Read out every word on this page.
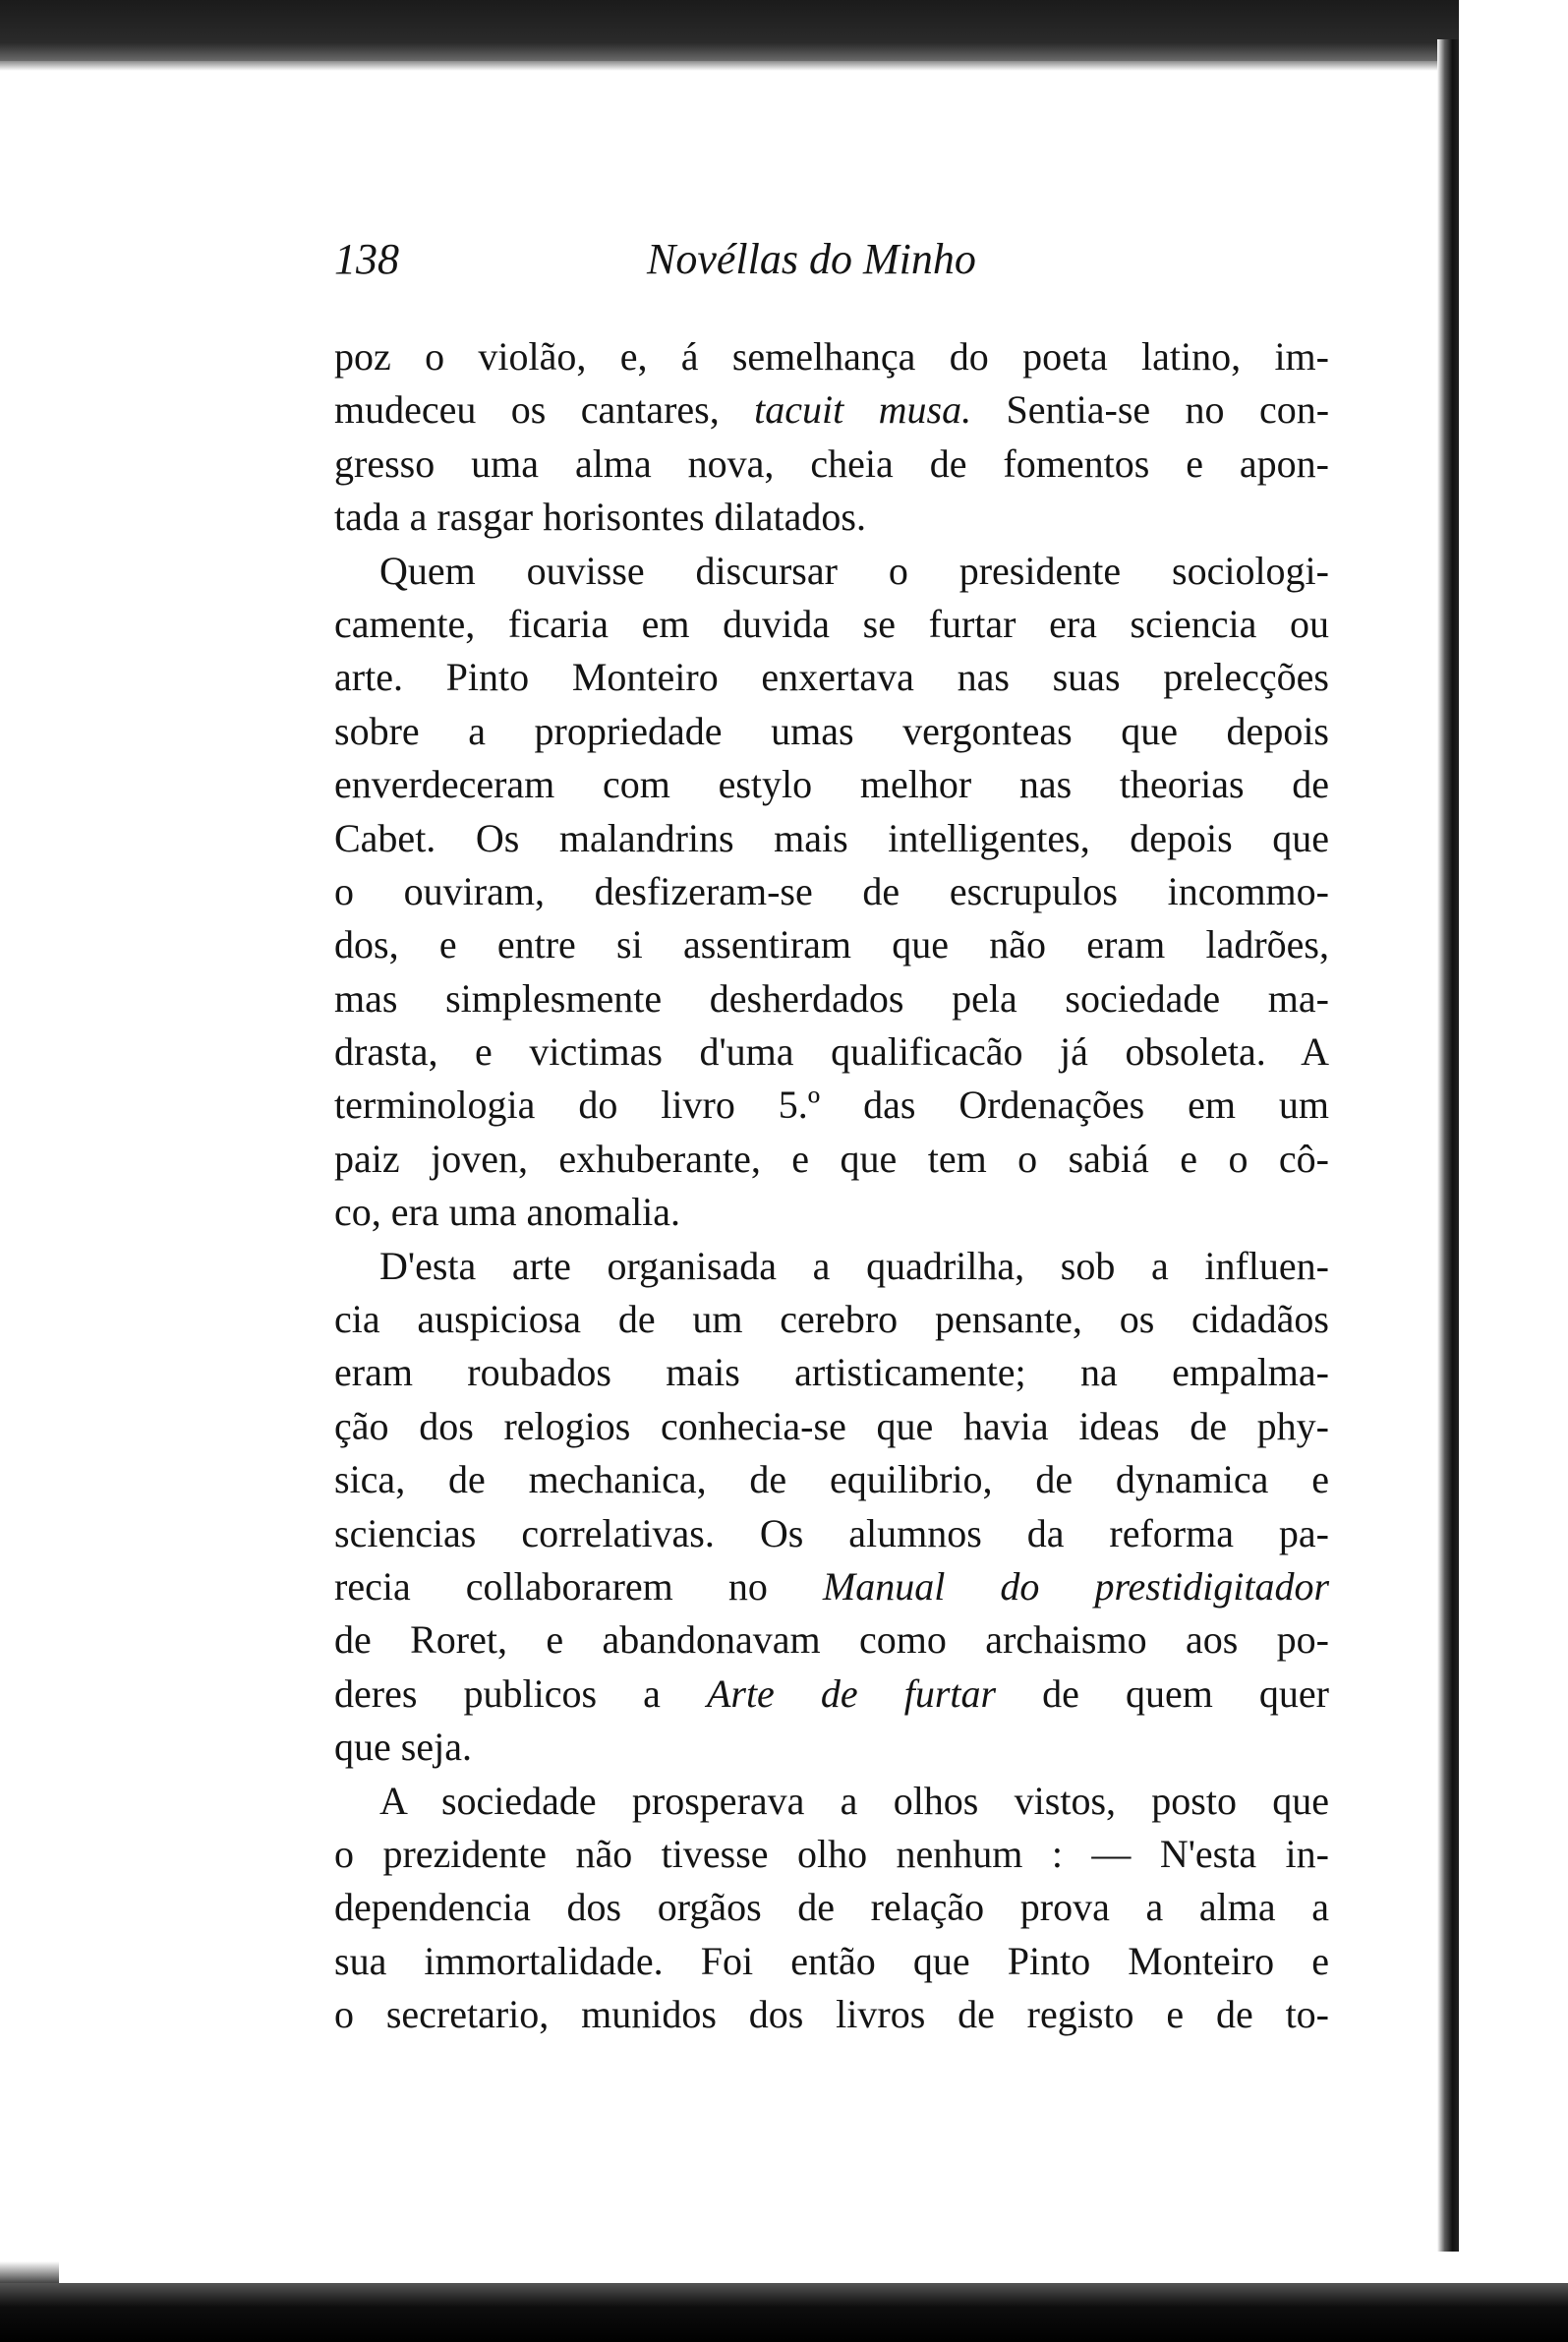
138	Novéllas do Minho
poz o violão, e, á semelhança do poeta latino, im-
mudeceu os cantares, tacuit musa. Sentia-se no con-
gresso uma alma nova, cheia de fomentos e apon-
tada a rasgar horisontes dilatados.
Quem ouvisse discursar o presidente sociologi-
camente, ficaria em duvida se furtar era sciencia ou
arte. Pinto Monteiro enxertava nas suas prelecções
sobre a propriedade umas vergonteas que depois
enverdeceram com estylo melhor nas theorias de
Cabet. Os malandrins mais intelligentes, depois que
o ouviram, desfizeram-se de escrupulos incommo-
dos, e entre si assentiram que não eram ladrões,
mas simplesmente desherdados pela sociedade ma-
drasta, e victimas d'uma qualificacão já obsoleta. A
terminologia do livro 5.º das Ordenações em um
paiz joven, exhuberante, e que tem o sabiá e o cô-
co, era uma anomalia.
D'esta arte organisada a quadrilha, sob a influen-
cia auspiciosa de um cerebro pensante, os cidadãos
eram roubados mais artisticamente; na empalma-
ção dos relogios conhecia-se que havia ideas de phy-
sica, de mechanica, de equilibrio, de dynamica e
sciencias correlativas. Os alumnos da reforma pa-
recia collaborarem no Manual do prestidigitador
de Roret, e abandonavam como archaismo aos po-
deres publicos a Arte de furtar de quem quer
que seja.
A sociedade prosperava a olhos vistos, posto que
o prezidente não tivesse olho nenhum : — N'esta in-
dependencia dos orgãos de relação prova a alma a
sua immortalidade. Foi então que Pinto Monteiro e
o secretario, munidos dos livros de registo e de to-
